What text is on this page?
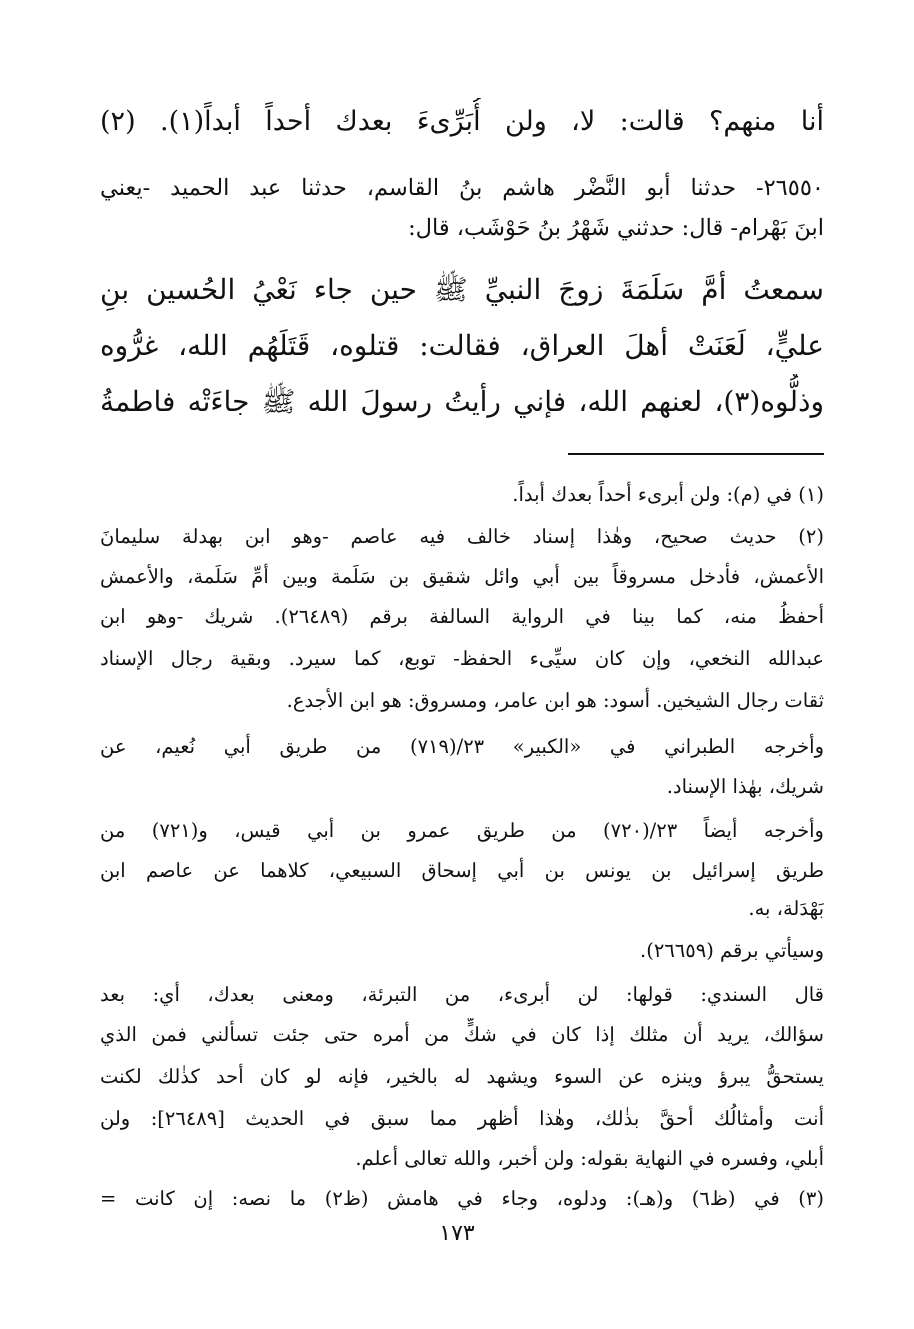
أنا منهم؟ قالت: لا، ولن أُبَرِّىءَ بعدك أحداً أبداً(١). (٢)
٢٦٥٥٠- حدثنا أبو النَّضْر هاشم بنُ القاسم، حدثنا عبد الحميد -يعني
ابنَ بَهْرام- قال: حدثني شَهْرُ بنُ حَوْشَب، قال:
سمعتُ أمَّ سَلَمَةَ زوجَ النبيِّ ﷺ حين جاء نَعْيُ الحُسين بنِ
عليٍّ، لَعَنَتْ أهلَ العراق، فقالت: قتلوه، قَتَلَهُم الله، غرُّوه
وذلُّوه(٣)، لعنهم الله، فإني رأيتُ رسولَ الله ﷺ جاءَتْه فاطمةُ
(١) في (م): ولن أبرىء أحداً بعدك أبداً.
(٢) حديث صحيح، وهٰذا إسناد خالف فيه عاصم -وهو ابن بهدلة سليمانَ
الأعمش، فأدخل مسروقاً بين أبي وائل شقيق بن سَلَمة وبين أمِّ سَلَمة، والأعمش
أحفظُ منه، كما بينا في الرواية السالفة برقم (٢٦٤٨٩). شريك -وهو ابن
عبدالله النخعي، وإن كان سيِّىء الحفظ- توبع، كما سيرد. وبقية رجال الإسناد
ثقات رجال الشيخين. أسود: هو ابن عامر، ومسروق: هو ابن الأجدع.
وأخرجه الطبراني في «الكبير» ٢٣/(٧١٩) من طريق أبي نُعيم، عن
شريك، بهٰذا الإسناد.
وأخرجه أيضاً ٢٣/(٧٢٠) من طريق عمرو بن أبي قيس، و(٧٢١) من
طريق إسرائيل بن يونس بن أبي إسحاق السبيعي، كلاهما عن عاصم ابن
بَهْدَلة، به.
وسيأتي برقم (٢٦٦٥٩).
قال السندي: قولها: لن أبرىء، من التبرئة، ومعنى بعدك، أي: بعد
سؤالك، يريد أن مثلك إذا كان في شكٍّ من أمره حتى جئت تسألني فمن الذي
يستحقُّ يبرؤ وينزه عن السوء ويشهد له بالخير، فإنه لو كان أحد كذٰلك لكنت
أنت وأمثالُك أحقَّ بذٰلك، وهٰذا أظهر مما سبق في الحديث [٢٦٤٨٩]: ولن
أبلي، وفسره في النهاية بقوله: ولن أخبر، والله تعالى أعلم.
(٣) في (ظ٦) و(هـ): ودلوه، وجاء في هامش (ظ٢) ما نصه: إن كانت =
١٧٣
